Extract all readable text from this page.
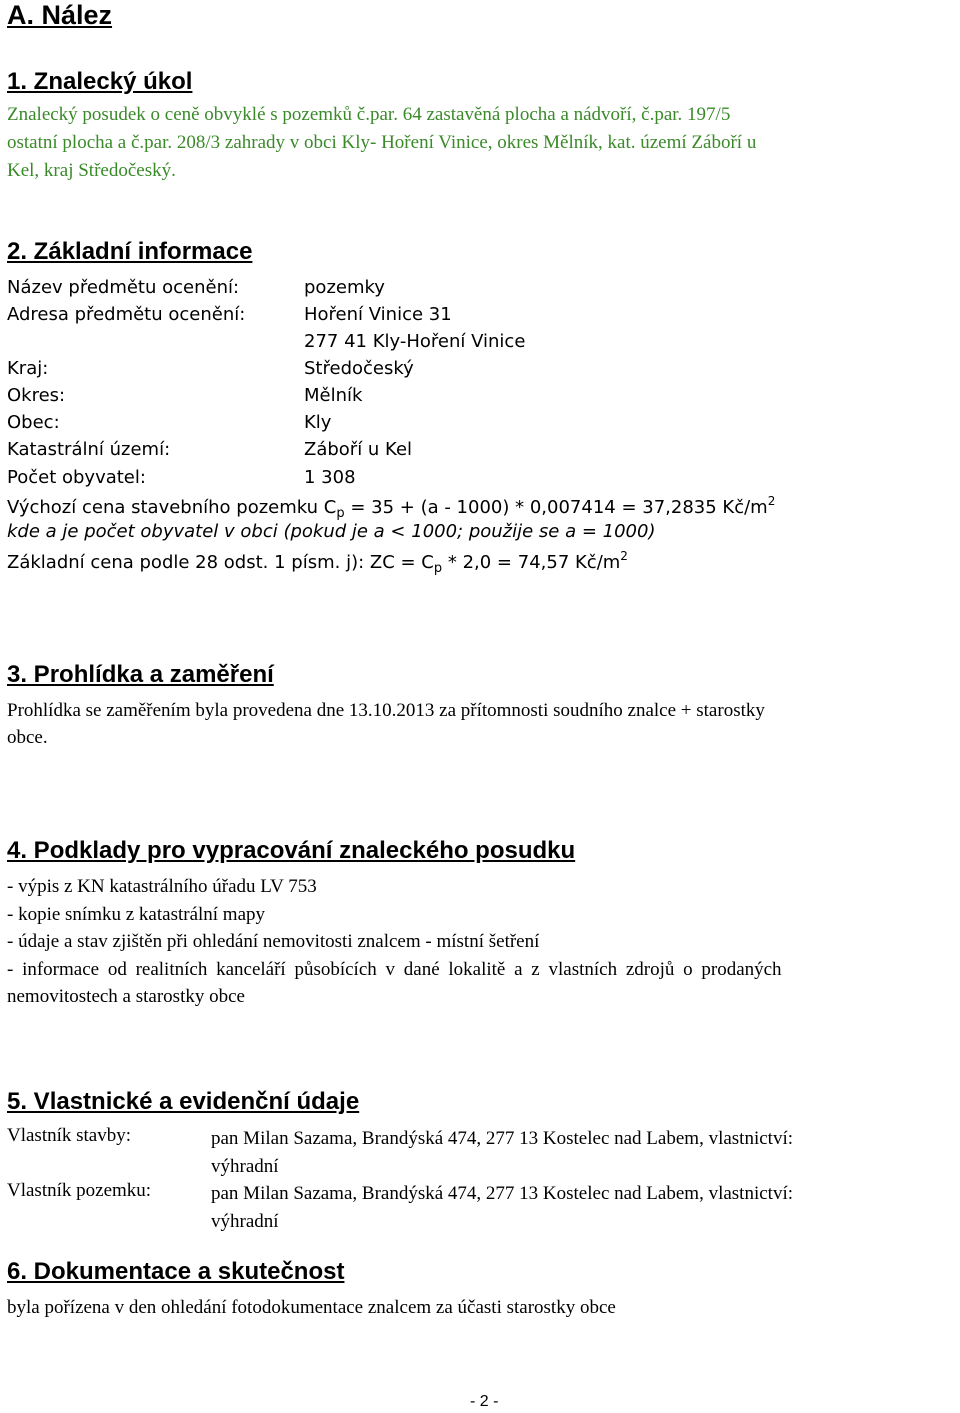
A. Nález
1. Znalecký úkol
Znalecký posudek o ceně obvyklé s pozemků č.par. 64 zastavěná plocha a nádvoří, č.par. 197/5
ostatní plocha a č.par. 208/3 zahrady v obci Kly- Hoření Vinice, okres Mělník, kat. území Záboří u
Kel, kraj Středočeský.
2. Základní informace
Název předmětu ocenění:	pozemky
Adresa předmětu ocenění:	Hoření Vinice 31
277 41 Kly-Hoření Vinice
Kraj:	Středočeský
Okres:	Mělník
Obec:	Kly
Katastrální území:	Záboří u Kel
Počet obyvatel:	1 308
Výchozí cena stavebního pozemku $C_p = 35 + (a - 1000) * 0,007414 = 37,2835$ $Kč/m^2$
kde a je počet obyvatel v obci (pokud je a < 1000; použije se a = 1000)
Základní cena podle 28 odst. 1 písm. j): ZC = $C_p * 2,0 = 74,57$ $Kč/m^2$
3. Prohlídka a zaměření
Prohlídka se zaměřením byla provedena dne 13.10.2013 za přítomnosti soudního znalce + starostky
obce.
4. Podklady pro vypracování znaleckého posudku
- výpis z KN katastrálního úřadu LV 753
- kopie snímku z katastrální mapy
- údaje a stav zjištěn při ohledání nemovitosti znalcem - místní šetření
- informace od realitních kanceláří působících v dané lokalitě a z vlastních zdrojů o prodaných
nemovitostech a starostky obce
5. Vlastnické a evidenční údaje
Vlastník stavby:	pan Milan Sazama, Brandýská 474, 277 13 Kostelec nad Labem, vlastnictví:
výhradní
Vlastník pozemku:	pan Milan Sazama, Brandýská 474, 277 13 Kostelec nad Labem, vlastnictví:
výhradní
6. Dokumentace a skutečnost
byla pořízena v den ohledání fotodokumentace znalcem za účasti starostky obce
- 2 -
